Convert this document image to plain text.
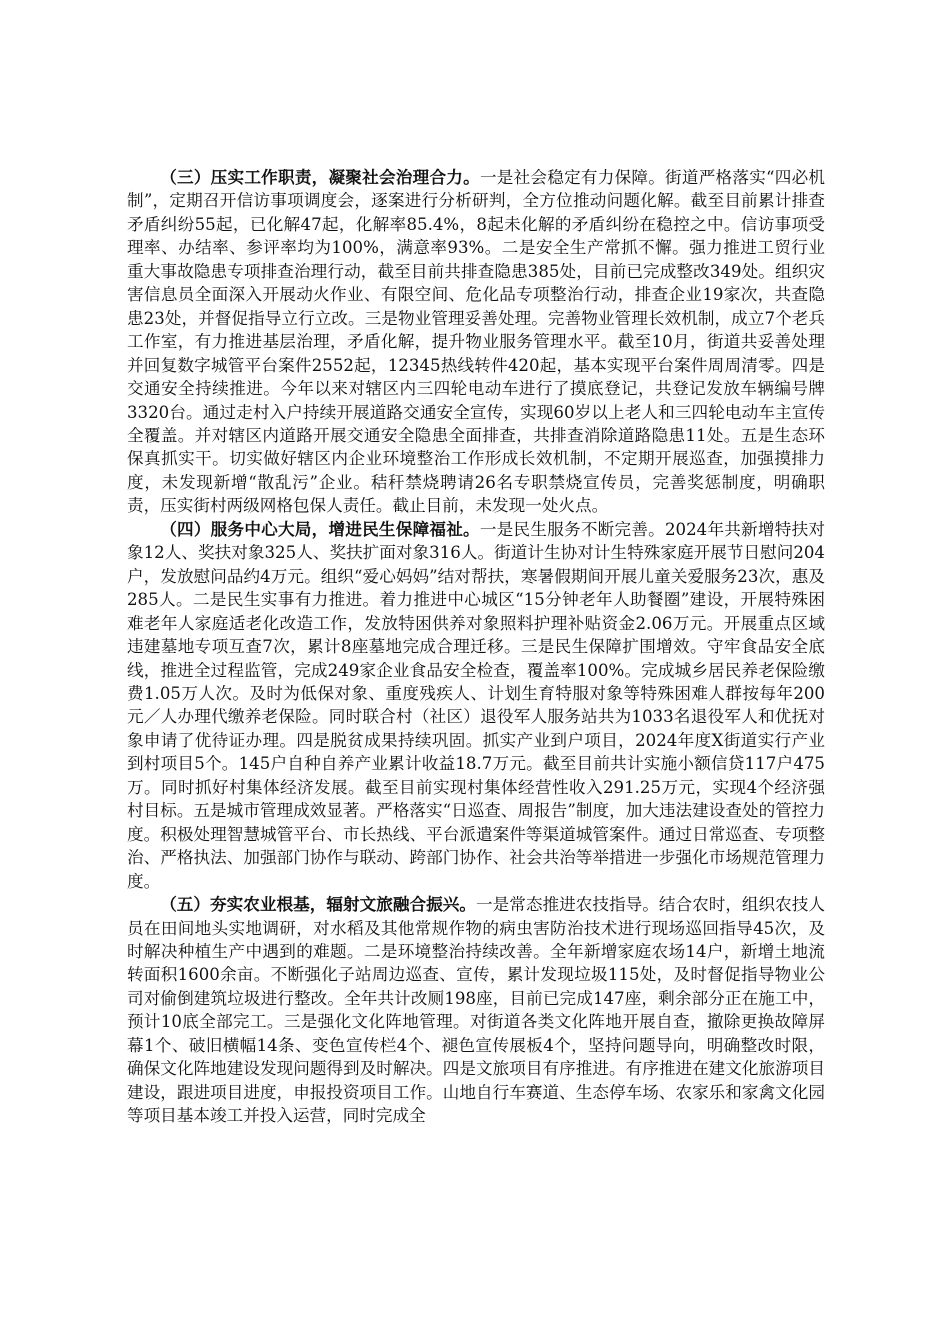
（三）压实工作职责，凝聚社会治理合力。一是社会稳定有力保障。街道严格落实“四必机制”，定期召开信访事项调度会，逐案进行分析研判，全方位推动问题化解。截至目前累计排查矛盾纠纷55起，已化解47起，化解率85.4%，8起未化解的矛盾纠纷在稳控之中。信访事项受理率、办结率、参评率均为100%，满意率93%。二是安全生产常抓不懈。强力推进工贸行业重大事故隐患专项排查治理行动，截至目前共排查隐患385处，目前已完成整改349处。组织灾害信息员全面深入开展动火作业、有限空间、危化品专项整治行动，排查企业19家次，共查隐患23处，并督促指导立行立改。三是物业管理妥善处理。完善物业管理长效机制，成立7个老兵工作室，有力推进基层治理，矛盾化解，提升物业服务管理水平。截至10月，街道共妥善处理并回复数字城管平台案件2552起，12345热线转件420起，基本实现平台案件周周清零。四是交通安全持续推进。今年以来对辖区内三四轮电动车进行了摸底登记，共登记发放车辆编号牌3320台。通过走村入户持续开展道路交通安全宣传，实现60岁以上老人和三四轮电动车主宣传全覆盖。并对辖区内道路开展交通安全隐患全面排查，共排查消除道路隐患11处。五是生态环保真抓实干。切实做好辖区内企业环境整治工作形成长效机制，不定期开展巡查，加强摸排力度，未发现新增“散乱污”企业。秸秆禁烧聘请26名专职禁烧宣传员，完善奖惩制度，明确职责，压实街村两级网格包保人责任。截止目前，未发现一处火点。

（四）服务中心大局，增进民生保障福祉。一是民生服务不断完善。2024年共新增特扶对象12人、奖扶对象325人、奖扶扩面对象316人。街道计生协对计生特殊家庭开展节日慰问204户，发放慰问品约4万元。组织“爱心妈妈”结对帮扶，寒暑假期间开展儿童关爱服务23次，惠及285人。二是民生实事有力推进。着力推进中心城区“15分钟老年人助餐圈”建设，开展特殊困难老年人家庭适老化改造工作，发放特困供养对象照料护理补贴资金2.06万元。开展重点区域违建墓地专项互查7次，累计8座墓地完成合理迁移。三是民生保障扩围增效。守牢食品安全底线，推进全过程监管，完成249家企业食品安全检查，覆盖率100%。完成城乡居民养老保险缴费1.05万人次。及时为低保对象、重度残疾人、计划生育特服对象等特殊困难人群按每年200元／人办理代缴养老保险。同时联合村（社区）退役军人服务站共为1033名退役军人和优抚对象申请了优待证办理。四是脱贫成果持续巩固。抓实产业到户项目，2024年度X街道实行产业到村项目5个。145户自种自养产业累计收益18.7万元。截至目前共计实施小额信贷117户475万。同时抓好村集体经济发展。截至目前实现村集体经营性收入291.25万元，实现4个经济强村目标。五是城市管理成效显著。严格落实“日巡查、周报告”制度，加大违法建设查处的管控力度。积极处理智慧城管平台、市长热线、平台派遣案件等渠道城管案件。通过日常巡查、专项整治、严格执法、加强部门协作与联动、跨部门协作、社会共治等举措进一步强化市场规范管理力度。

（五）夯实农业根基，辐射文旅融合振兴。一是常态推进农技指导。结合农时，组织农技人员在田间地头实地调研，对水稻及其他常规作物的病虫害防治技术进行现场巡回指导45次，及时解决种植生产中遇到的难题。二是环境整治持续改善。全年新增家庭农场14户，新增土地流转面积1600余亩。不断强化子站周边巡查、宣传，累计发现垃圾115处，及时督促指导物业公司对偷倒建筑垃圾进行整改。全年共计改厕198座，目前已完成147座，剩余部分正在施工中，预计10底全部完工。三是强化文化阵地管理。对街道各类文化阵地开展自查，撤除更换故障屏幕1个、破旧横幅14条、变色宣传栏4个、褪色宣传展板4个，坚持问题导向，明确整改时限，确保文化阵地建设发现问题得到及时解决。四是文旅项目有序推进。有序推进在建文化旅游项目建设，跟进项目进度，申报投资项目工作。山地自行车赛道、生态停车场、农家乐和家禽文化园等项目基本竣工并投入运营，同时完成全
